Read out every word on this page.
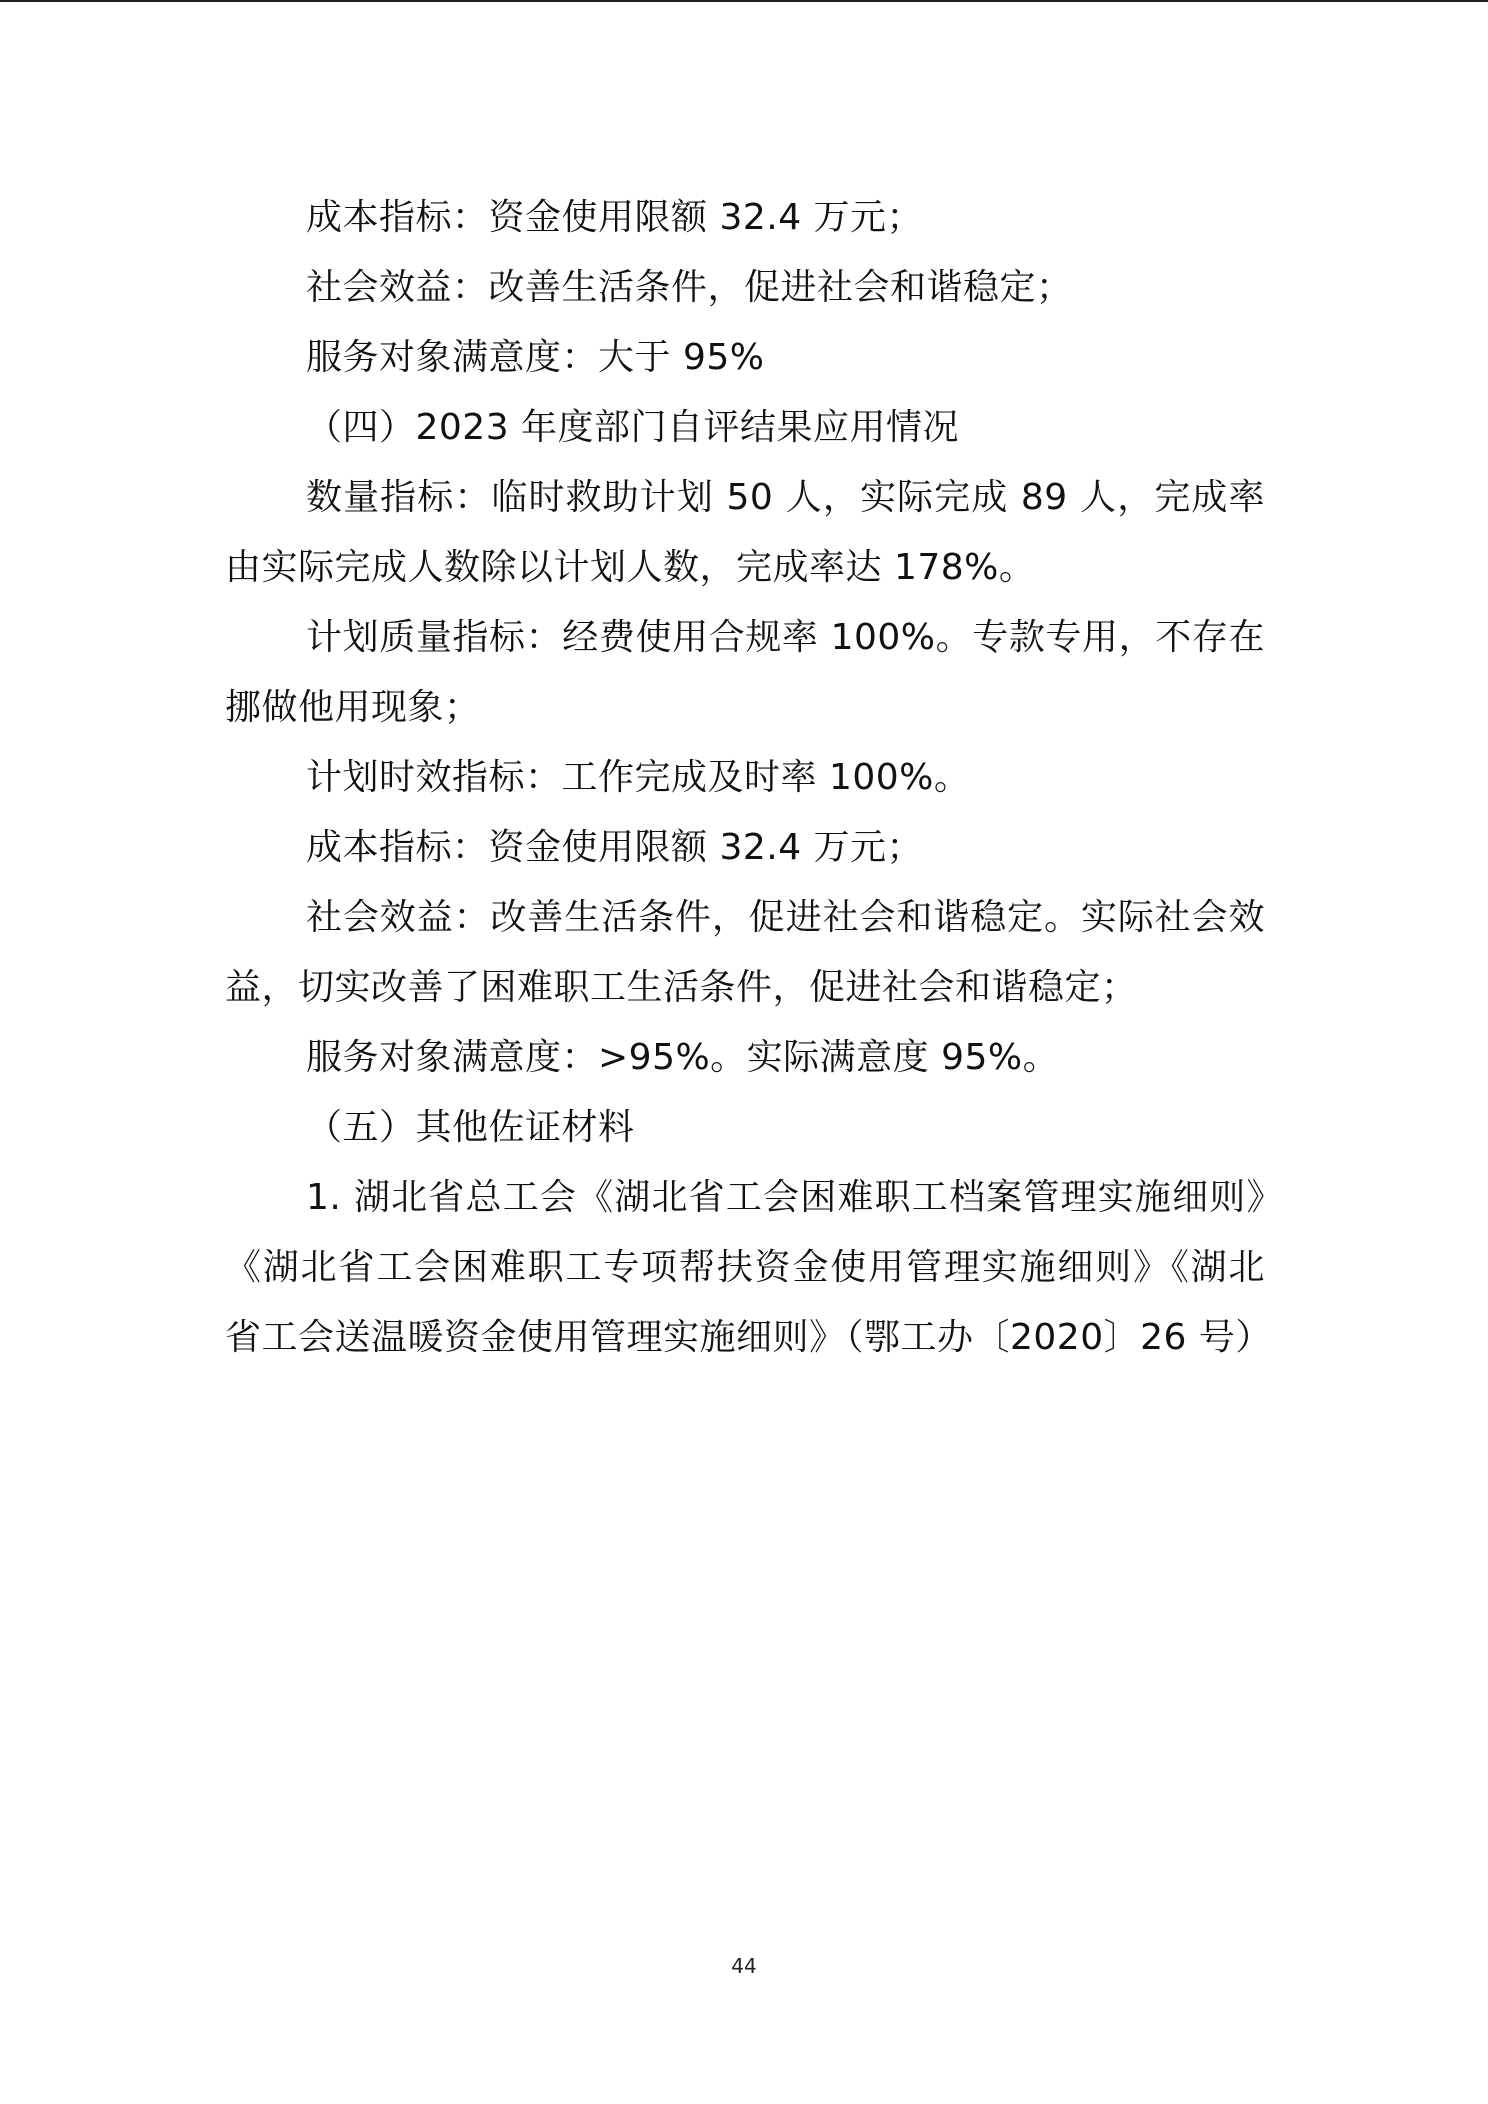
成本指标：资金使用限额 32.4 万元；

社会效益：改善生活条件，促进社会和谐稳定；

服务对象满意度：大于 95%

（四）2023 年度部门自评结果应用情况

数量指标：临时救助计划 50 人，实际完成 89 人，完成率由实际完成人数除以计划人数，完成率达 178%。

计划质量指标：经费使用合规率 100%。专款专用，不存在挪做他用现象；

计划时效指标：工作完成及时率 100%。

成本指标：资金使用限额 32.4 万元；

社会效益：改善生活条件，促进社会和谐稳定。实际社会效益，切实改善了困难职工生活条件，促进社会和谐稳定；

服务对象满意度：>95%。实际满意度 95%。

（五）其他佐证材料

1. 湖北省总工会《湖北省工会困难职工档案管理实施细则》《湖北省工会困难职工专项帮扶资金使用管理实施细则》《湖北省工会送温暖资金使用管理实施细则》（鄂工办〔2020〕26 号）

44
